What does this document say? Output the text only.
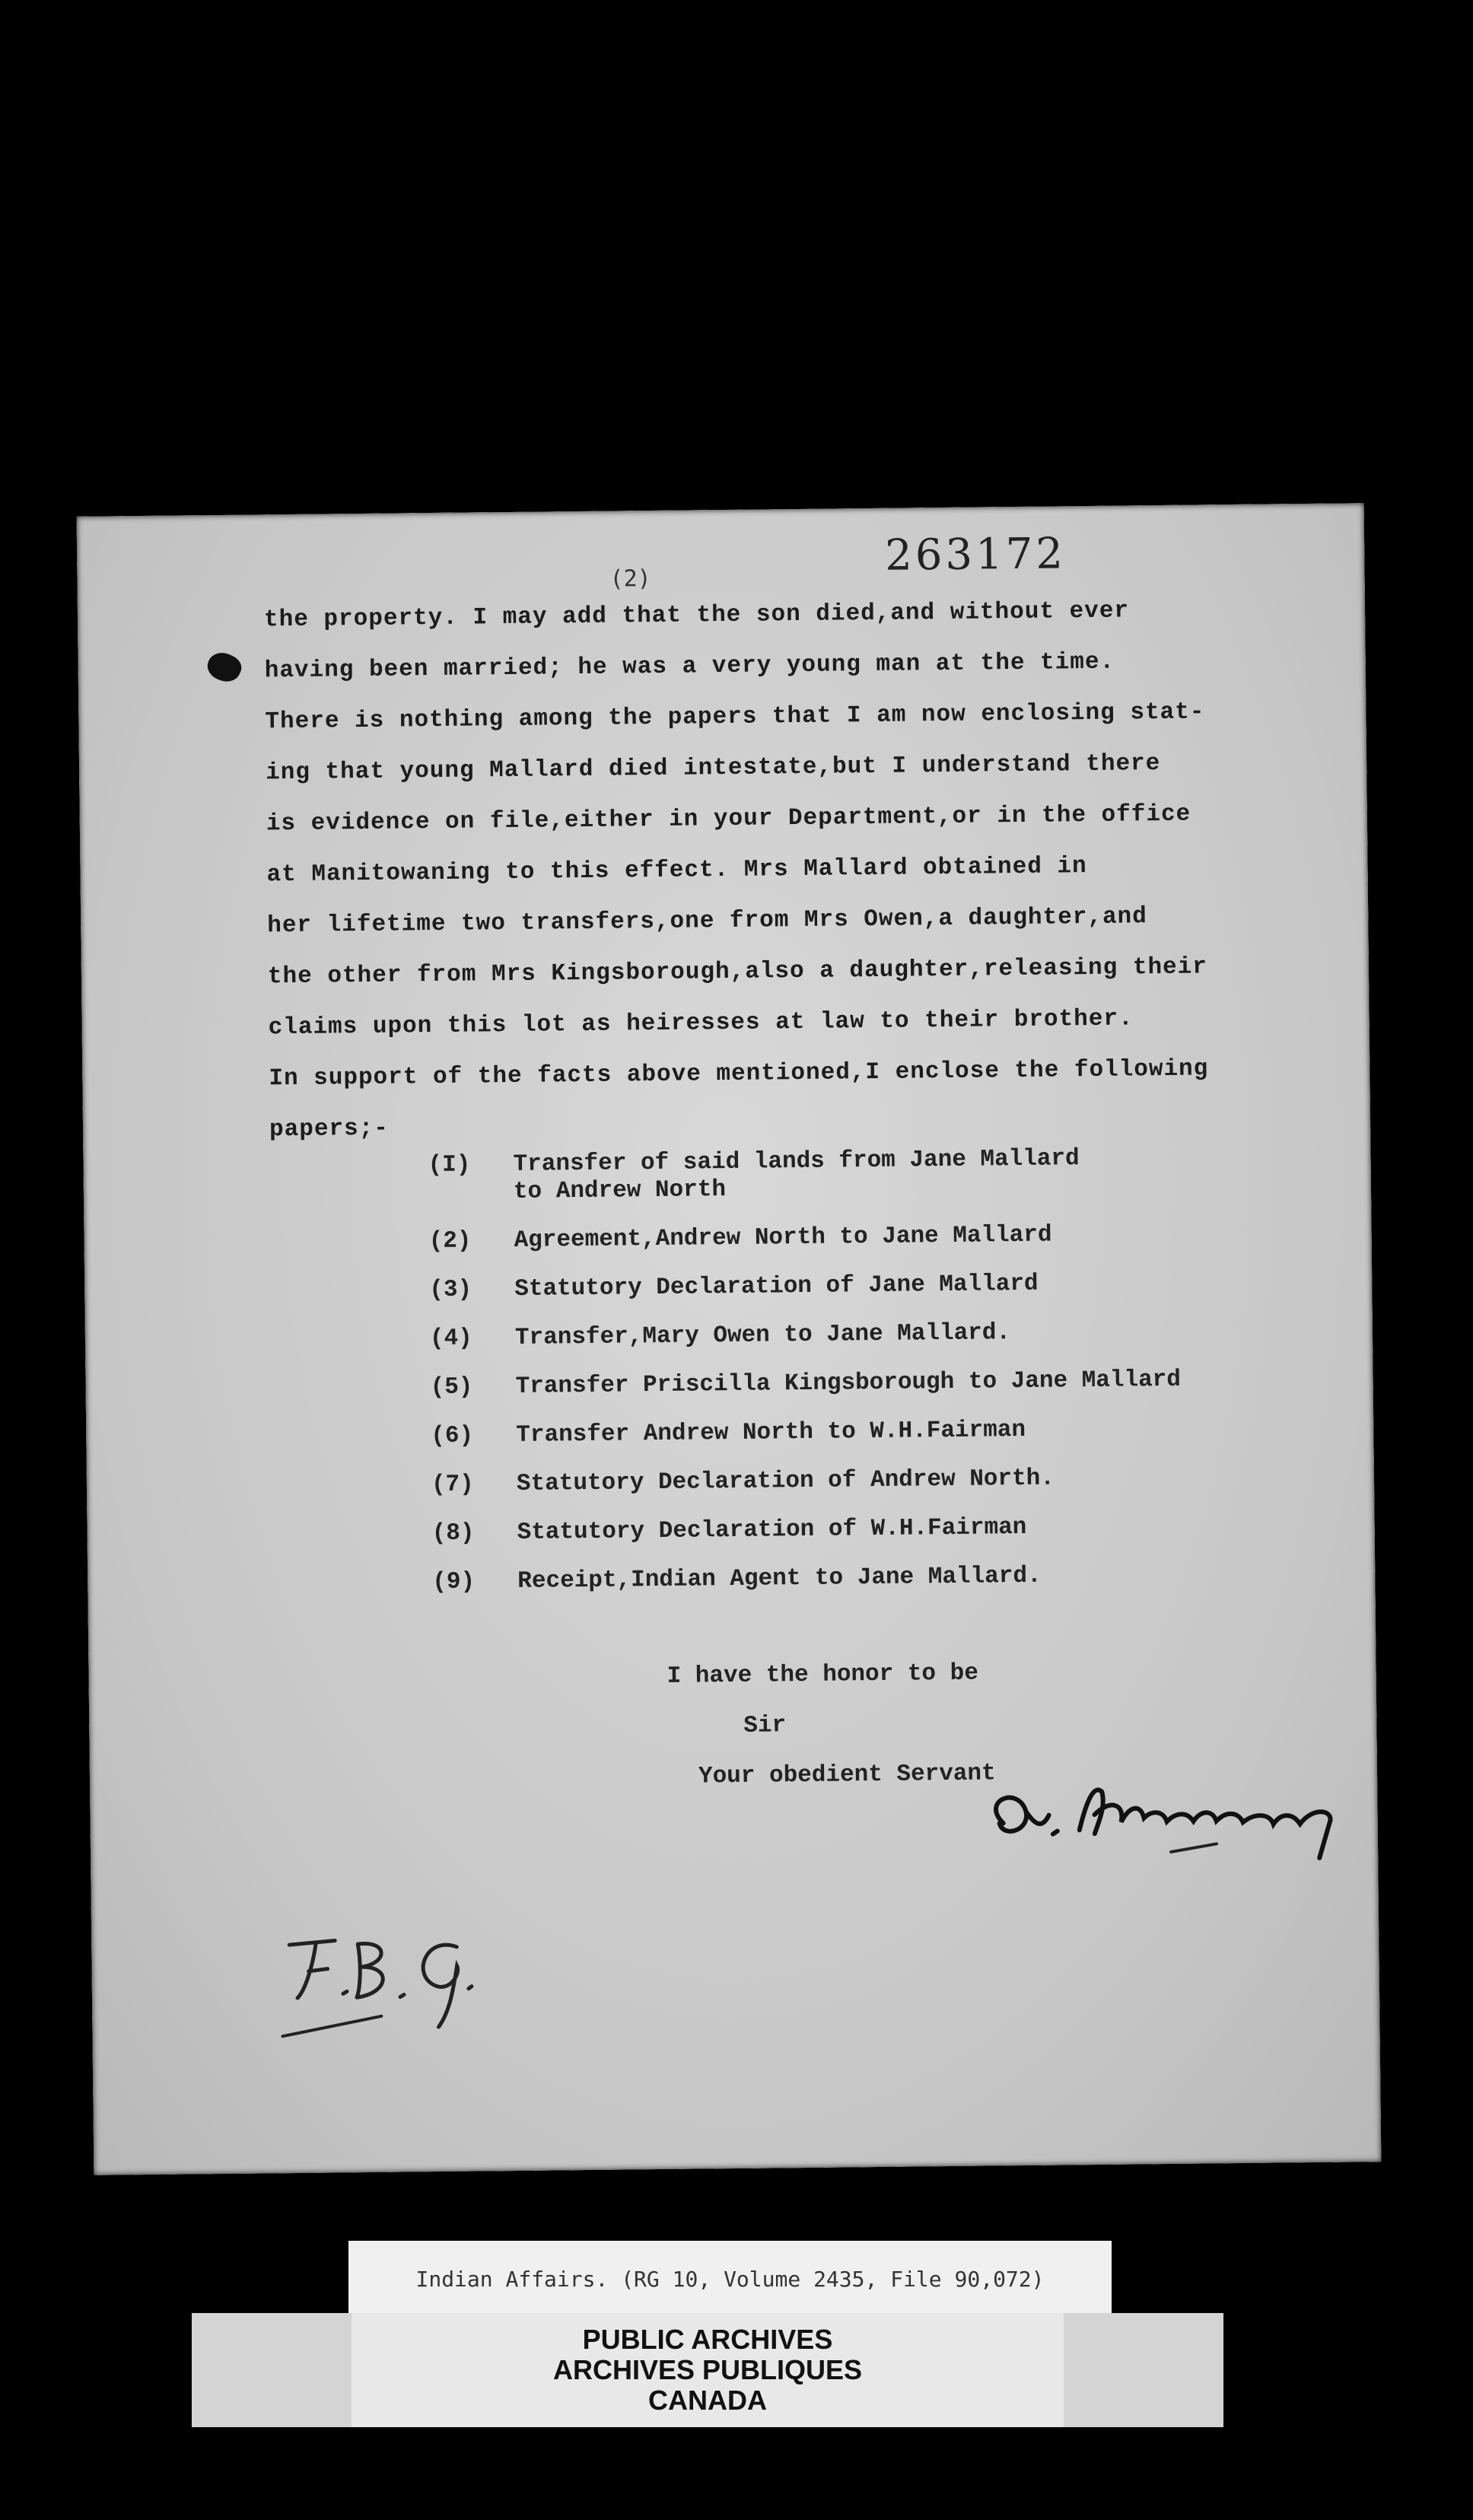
(2)	263172
the property. I may add that the son died,and without ever
having been married; he was a very young man at the time.
There is nothing among the papers that I am now enclosing stat-
ing that young Mallard died intestate,but I understand there
is evidence on file,either in your Department,or in the office
at Manitowaning to this effect. Mrs Mallard obtained in
her lifetime two transfers,one from Mrs Owen,a daughter,and
the other from Mrs Kingsborough,also a daughter,releasing their
claims upon this lot as heiresses at law to their brother.
In support of the facts above mentioned,I enclose the following
papers;-
(I)	Transfer of said lands from Jane Mallard
to Andrew North
(2)	Agreement,Andrew North to Jane Mallard
(3)	Statutory Declaration of Jane Mallard
(4)	Transfer,Mary Owen to Jane Mallard.
(5)	Transfer Priscilla Kingsborough to Jane Mallard
(6)	Transfer Andrew North to W.H.Fairman
(7)	Statutory Declaration of Andrew North.
(8)	Statutory Declaration of W.H.Fairman
(9)	Receipt,Indian Agent to Jane Mallard.
I have the honor to be
Sir
Your obedient Servant
Indian Affairs. (RG 10, Volume 2435, File 90,072)
PUBLIC ARCHIVES
ARCHIVES PUBLIQUES
CANADA
